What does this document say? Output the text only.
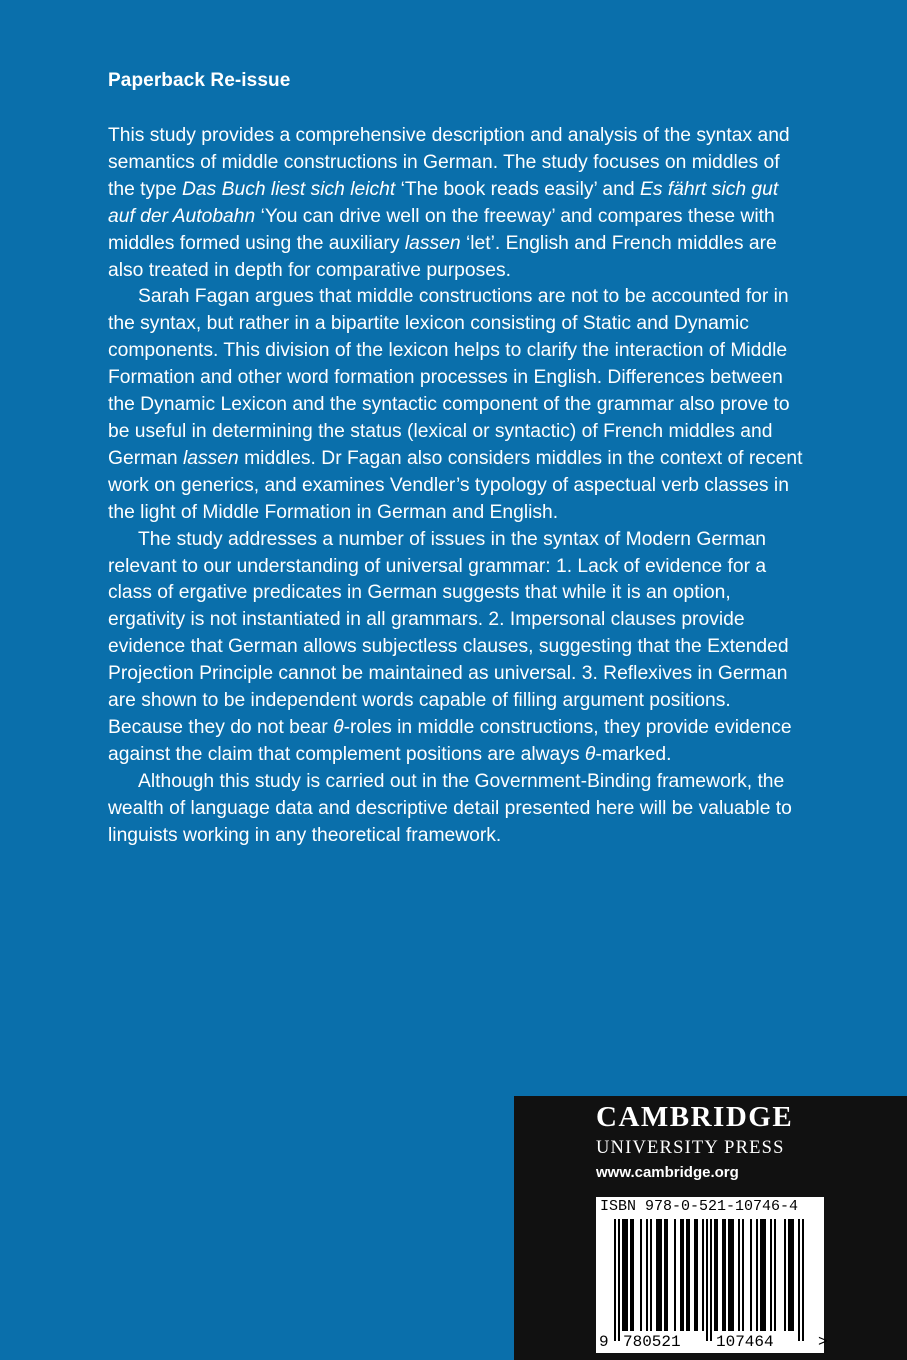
Paperback Re-issue

This study provides a comprehensive description and analysis of the syntax and semantics of middle constructions in German. The study focuses on middles of the type Das Buch liest sich leicht ‘The book reads easily’ and Es fährt sich gut auf der Autobahn ‘You can drive well on the freeway’ and compares these with middles formed using the auxiliary lassen ‘let’. English and French middles are also treated in depth for comparative purposes.

Sarah Fagan argues that middle constructions are not to be accounted for in the syntax, but rather in a bipartite lexicon consisting of Static and Dynamic components. This division of the lexicon helps to clarify the interaction of Middle Formation and other word formation processes in English. Differences between the Dynamic Lexicon and the syntactic component of the grammar also prove to be useful in determining the status (lexical or syntactic) of French middles and German lassen middles. Dr Fagan also considers middles in the context of recent work on generics, and examines Vendler’s typology of aspectual verb classes in the light of Middle Formation in German and English.

The study addresses a number of issues in the syntax of Modern German relevant to our understanding of universal grammar: 1. Lack of evidence for a class of ergative predicates in German suggests that while it is an option, ergativity is not instantiated in all grammars. 2. Impersonal clauses provide evidence that German allows subjectless clauses, suggesting that the Extended Projection Principle cannot be maintained as universal. 3. Reflexives in German are shown to be independent words capable of filling argument positions. Because they do not bear θ-roles in middle constructions, they provide evidence against the claim that complement positions are always θ-marked.

Although this study is carried out in the Government-Binding framework, the wealth of language data and descriptive detail presented here will be valuable to linguists working in any theoretical framework.

CAMBRIDGE
UNIVERSITY PRESS
www.cambridge.org
ISBN 978-0-521-10746-4
9 780521 107464	>
